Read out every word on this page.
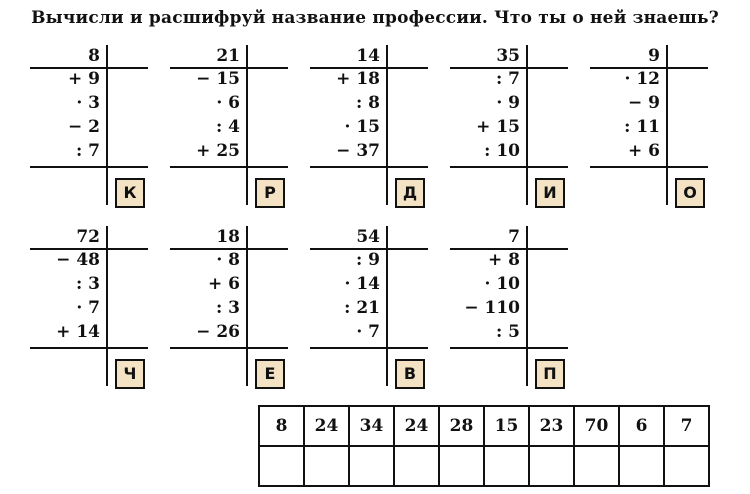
Вычисли и расшифруй название профессии. Что ты о ней знаешь?
8
+ 9
· 3
− 2
: 7
К
21
− 15
· 6
: 4
+ 25
Р
14
+ 18
: 8
· 15
− 37
Д
35
: 7
· 9
+ 15
: 10
И
9
· 12
− 9
: 11
+ 6
О
72
− 48
: 3
· 7
+ 14
Ч
18
· 8
+ 6
: 3
− 26
Е
54
: 9
· 14
: 21
· 7
В
7
+ 8
· 10
− 110
: 5
П
8	24	34	24	28	15	23	70	6	7
